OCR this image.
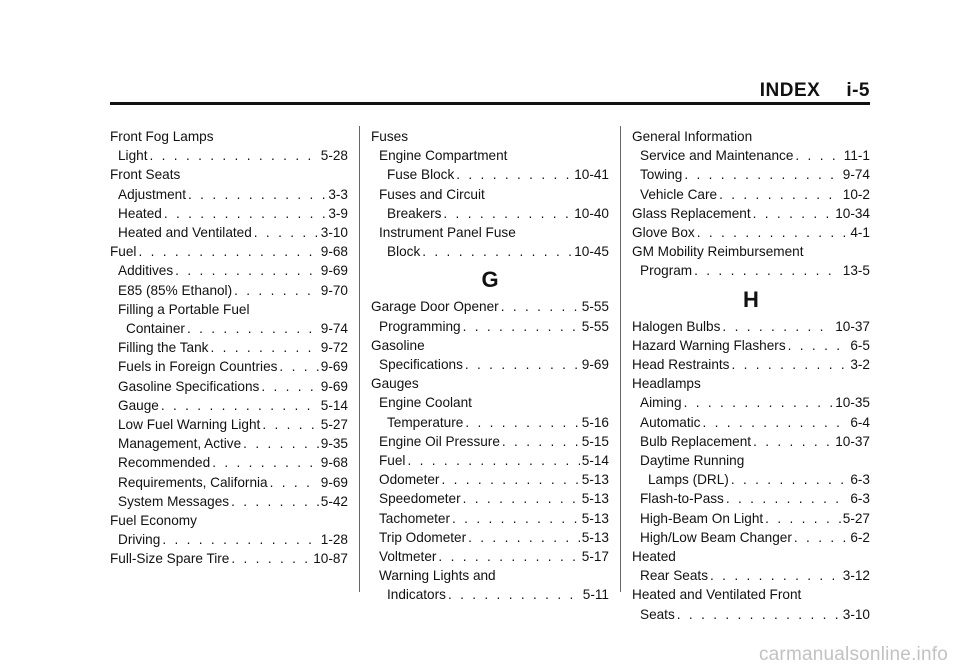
INDEX i-5
Front Fog Lamps
Light . . .	5-28
Front Seats
Adjustment . . .	3-3
Heated . . .	3-9
Heated and Ventilated . . .	3-10
Fuel . . .	9-68
Additives . . .	9-69
E85 (85% Ethanol) . . .	9-70
Filling a Portable Fuel
Container . . .	9-74
Filling the Tank . . .	9-72
Fuels in Foreign Countries . . .	9-69
Gasoline Specifications . . .	9-69
Gauge . . .	5-14
Low Fuel Warning Light . . .	5-27
Management, Active . . .	9-35
Recommended . . .	9-68
Requirements, California . . .	9-69
System Messages . . .	5-42
Fuel Economy
Driving . . .	1-28
Full-Size Spare Tire . . .	10-87
Fuses
Engine Compartment
Fuse Block . . .	10-41
Fuses and Circuit
Breakers . . .	10-40
Instrument Panel Fuse
Block . . .	10-45
G
Garage Door Opener . . .	5-55
Programming . . .	5-55
Gasoline
Specifications . . .	9-69
Gauges
Engine Coolant
Temperature . . .	5-16
Engine Oil Pressure . . .	5-15
Fuel . . .	5-14
Odometer . . .	5-13
Speedometer . . .	5-13
Tachometer . . .	5-13
Trip Odometer . . .	5-13
Voltmeter . . .	5-17
Warning Lights and
Indicators . . .	5-11
General Information
Service and Maintenance . . .	11-1
Towing . . .	9-74
Vehicle Care . . .	10-2
Glass Replacement . . .	10-34
Glove Box . . .	4-1
GM Mobility Reimbursement
Program . . .	13-5
H
Halogen Bulbs . . .	10-37
Hazard Warning Flashers . . .	6-5
Head Restraints . . .	3-2
Headlamps
Aiming . . .	10-35
Automatic . . .	6-4
Bulb Replacement . . .	10-37
Daytime Running
Lamps (DRL) . . .	6-3
Flash-to-Pass . . .	6-3
High-Beam On Light . . .	5-27
High/Low Beam Changer . . .	6-2
Heated
Rear Seats . . .	3-12
Heated and Ventilated Front
Seats . . .	3-10
carmanualsonline.info
